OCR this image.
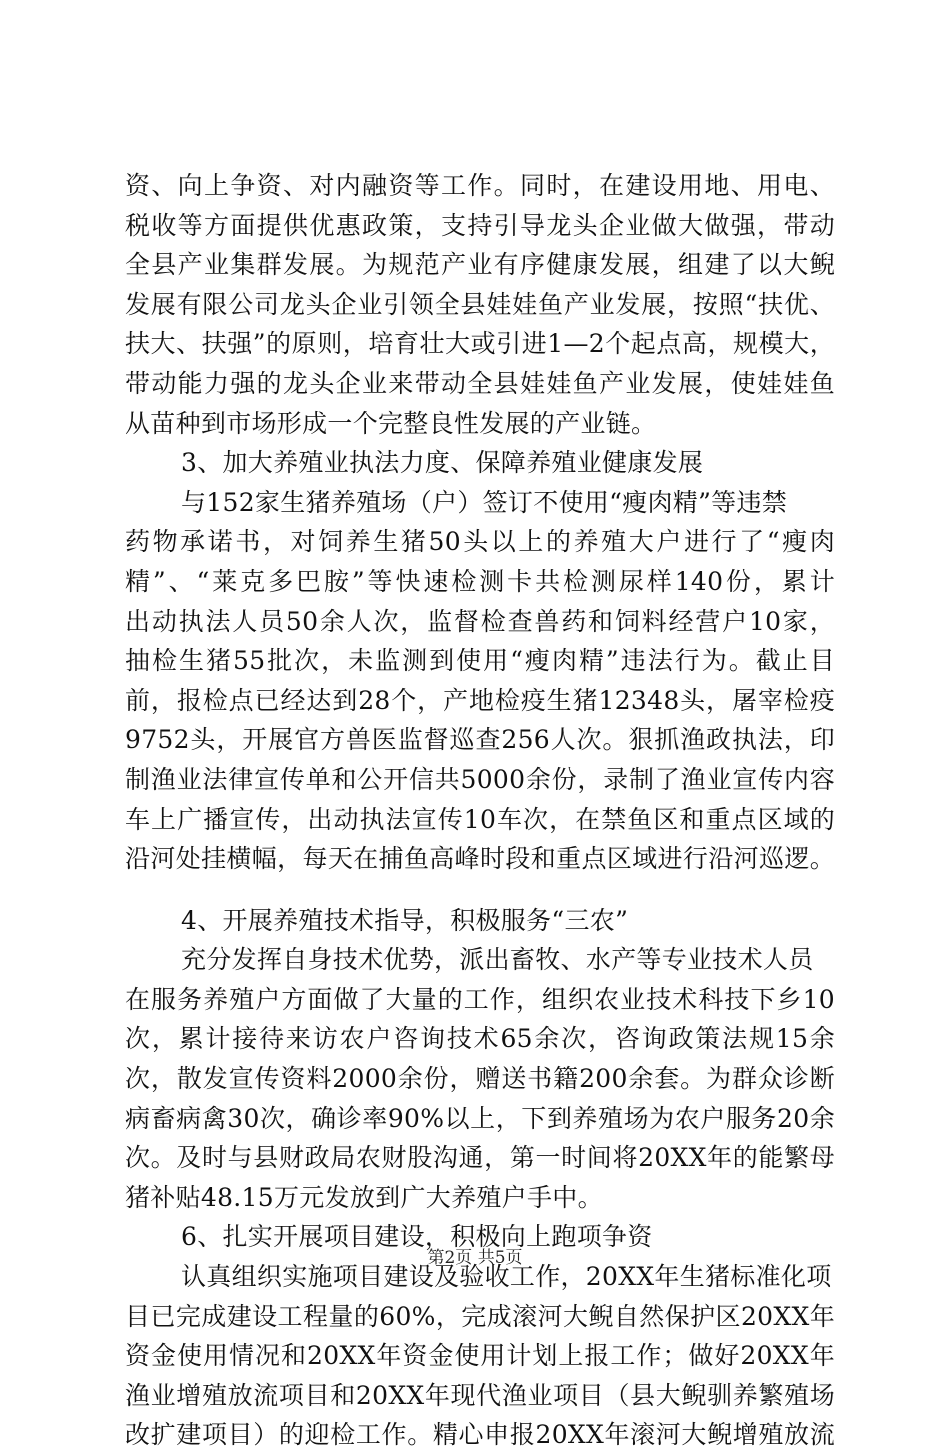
资、向上争资、对内融资等工作。同时，在建设用地、用电、
税收等方面提供优惠政策，支持引导龙头企业做大做强，带动
全县产业集群发展。为规范产业有序健康发展，组建了以大鲵
发展有限公司龙头企业引领全县娃娃鱼产业发展，按照“扶优、
扶大、扶强”的原则，培育壮大或引进1—2个起点高，规模大，
带动能力强的龙头企业来带动全县娃娃鱼产业发展，使娃娃鱼
从苗种到市场形成一个完整良性发展的产业链。
3、加大养殖业执法力度、保障养殖业健康发展
与152家生猪养殖场（户）签订不使用“瘦肉精”等违禁
药物承诺书，对饲养生猪50头以上的养殖大户进行了“瘦肉
精”、“莱克多巴胺”等快速检测卡共检测尿样140份，累计
出动执法人员50余人次，监督检查兽药和饲料经营户10家，
抽检生猪55批次，未监测到使用“瘦肉精”违法行为。截止目
前，报检点已经达到28个，产地检疫生猪12348头，屠宰检疫
9752头，开展官方兽医监督巡查256人次。狠抓渔政执法，印
制渔业法律宣传单和公开信共5000余份，录制了渔业宣传内容
车上广播宣传，出动执法宣传10车次，在禁鱼区和重点区域的
沿河处挂横幅，每天在捕鱼高峰时段和重点区域进行沿河巡逻。
4、开展养殖技术指导，积极服务“三农”
充分发挥自身技术优势，派出畜牧、水产等专业技术人员
在服务养殖户方面做了大量的工作，组织农业技术科技下乡10
次，累计接待来访农户咨询技术65余次，咨询政策法规15余
次，散发宣传资料2000余份，赠送书籍200余套。为群众诊断
病畜病禽30次，确诊率90%以上，下到养殖场为农户服务20余
次。及时与县财政局农财股沟通，第一时间将20XX年的能繁母
猪补贴48.15万元发放到广大养殖户手中。
6、扎实开展项目建设，积极向上跑项争资
认真组织实施项目建设及验收工作，20XX年生猪标准化项
目已完成建设工程量的60%，完成滚河大鲵自然保护区20XX年
资金使用情况和20XX年资金使用计划上报工作；做好20XX年
渔业增殖放流项目和20XX年现代渔业项目（县大鲵驯养繁殖场
改扩建项目）的迎检工作。精心申报20XX年滚河大鲵增殖放流
第2页 共5页
